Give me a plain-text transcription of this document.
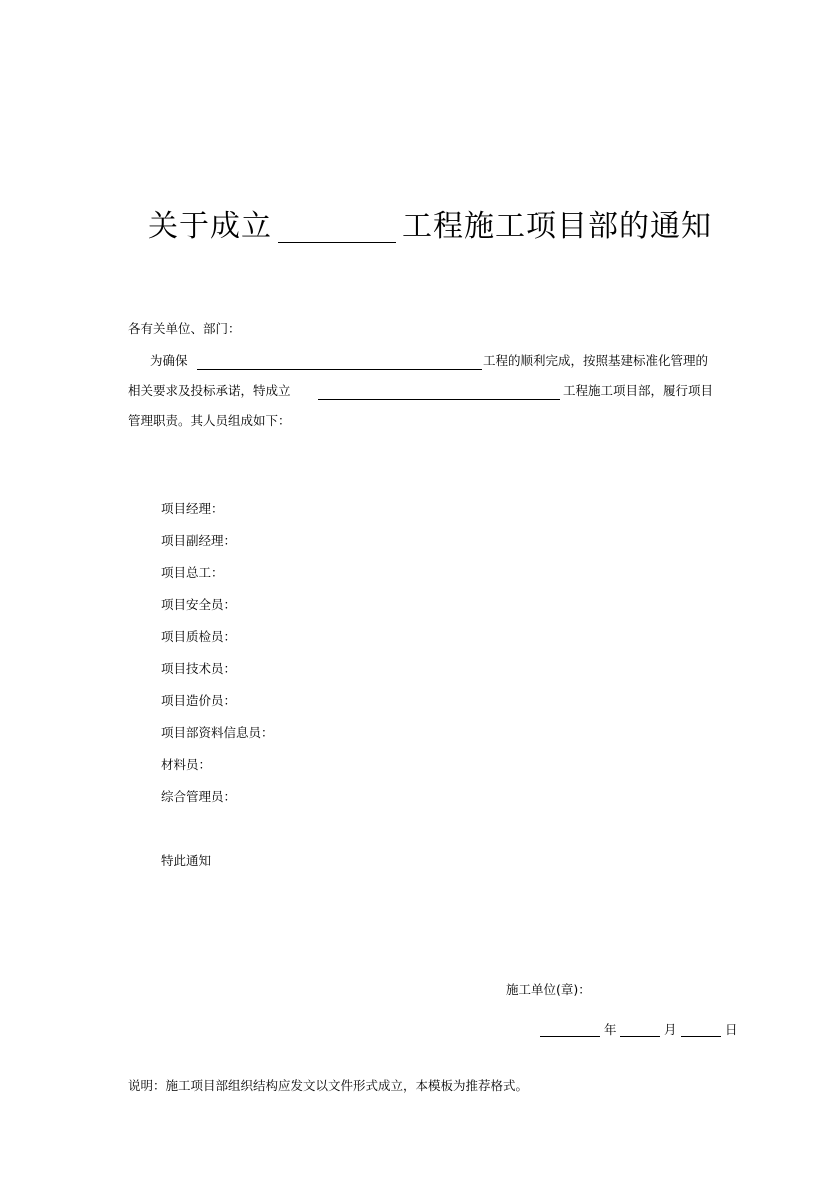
关于成立	工程施工项目部的通知
各有关单位、部门：
为确保	工程的顺利完成，按照基建标准化管理的
相关要求及投标承诺，特成立	工程施工项目部，履行项目
管理职责。其人员组成如下：
项目经理：
项目副经理：
项目总工：
项目安全员：
项目质检员：
项目技术员：
项目造价员：
项目部资料信息员：
材料员：
综合管理员：
特此通知
施工单位(章)：
年	月	日
说明：施工项目部组织结构应发文以文件形式成立，本模板为推荐格式。
